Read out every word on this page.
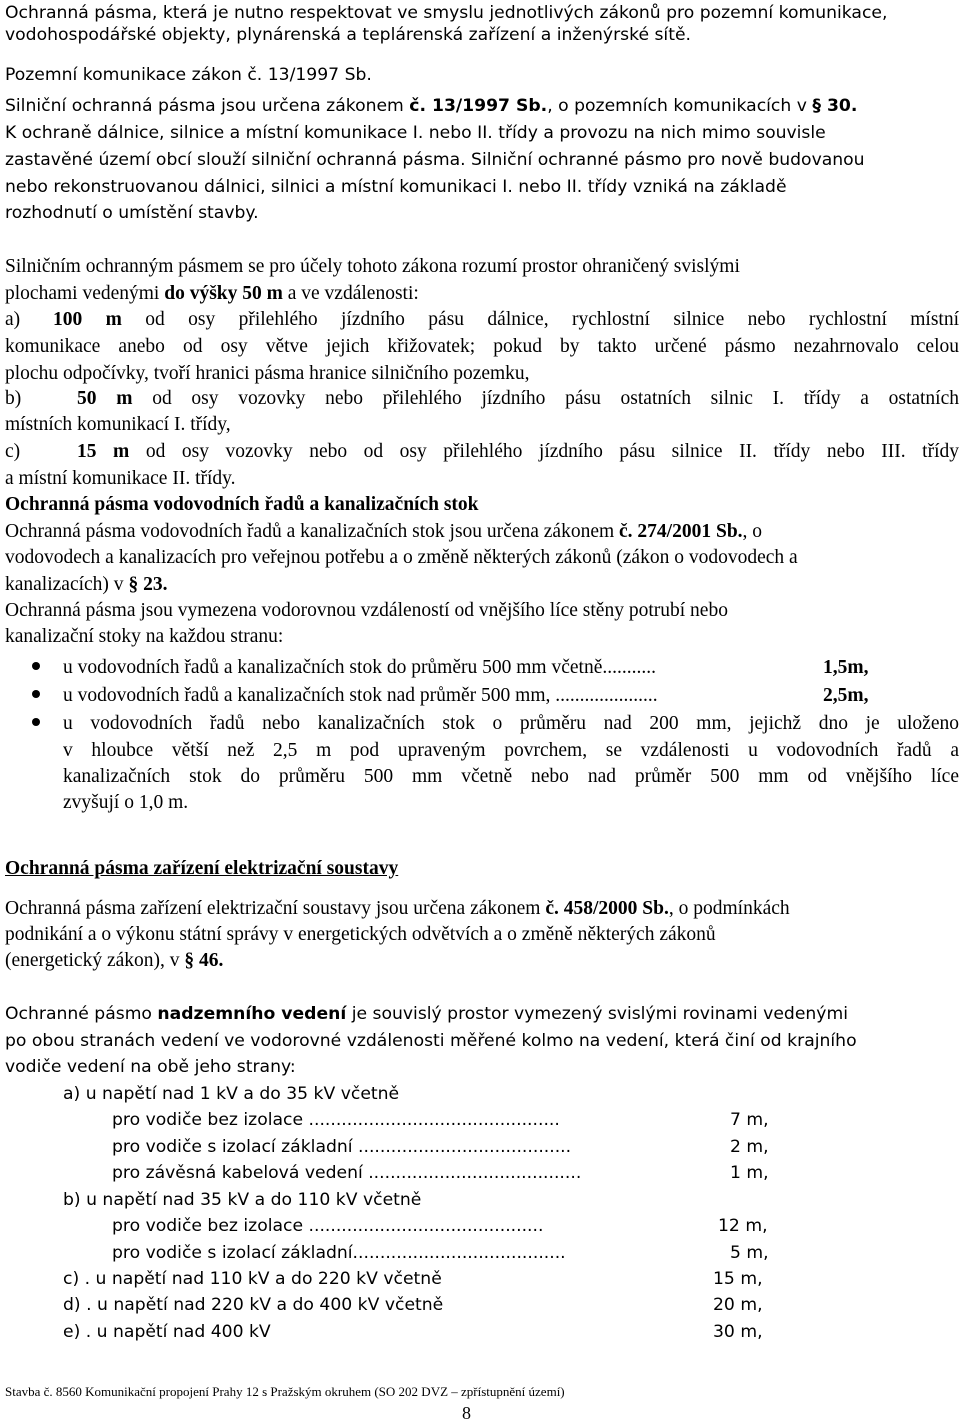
Ochranná pásma, která je nutno respektovat ve smyslu jednotlivých zákonů pro pozemní komunikace,
vodohospodářské objekty, plynárenská a teplárenská zařízení a inženýrské sítě.
Pozemní komunikace zákon č. 13/1997 Sb.
Silniční ochranná pásma jsou určena zákonem č. 13/1997 Sb., o pozemních komunikacích v § 30.
K ochraně dálnice, silnice a místní komunikace I. nebo II. třídy a provozu na nich mimo souvisle
zastavěné území obcí slouží silniční ochranná pásma. Silniční ochranné pásmo pro nově budovanou
nebo rekonstruovanou dálnici, silnici a místní komunikaci I. nebo II. třídy vzniká na základě
rozhodnutí o umístění stavby.
Silničním ochranným pásmem se pro účely tohoto zákona rozumí prostor ohraničený svislými
plochami vedenými do výšky 50 m a ve vzdálenosti:
a) 100 m od osy přilehlého jízdního pásu dálnice, rychlostní silnice nebo rychlostní místní
komunikace anebo od osy větve jejich křižovatek; pokud by takto určené pásmo nezahrnovalo celou
plochu odpočívky, tvoří hranici pásma hranice silničního pozemku,
b)	50 m od osy vozovky nebo přilehlého jízdního pásu ostatních silnic I. třídy a ostatních
místních komunikací I. třídy,
c)	15 m od osy vozovky nebo od osy přilehlého jízdního pásu silnice II. třídy nebo III. třídy
a místní komunikace II. třídy.
Ochranná pásma vodovodních řadů a kanalizačních stok
Ochranná pásma vodovodních řadů a kanalizačních stok jsou určena zákonem č. 274/2001 Sb., o
vodovodech a kanalizacích pro veřejnou potřebu a o změně některých zákonů (zákon o vodovodech a
kanalizacích) v § 23.
Ochranná pásma jsou vymezena vodorovnou vzdáleností od vnějšího líce stěny potrubí nebo
kanalizační stoky na každou stranu:
u vodovodních řadů a kanalizačních stok do průměru 500 mm včetně...........	1,5m,
u vodovodních řadů a kanalizačních stok nad průměr 500 mm, .....................	2,5m,
u vodovodních řadů nebo kanalizačních stok o průměru nad 200 mm, jejichž dno je uloženo
v hloubce větší než 2,5 m pod upraveným povrchem, se vzdálenosti u vodovodních řadů a
kanalizačních stok do průměru 500 mm včetně nebo nad průměr 500 mm od vnějšího líce
zvyšují o 1,0 m.
Ochranná pásma zařízení elektrizační soustavy
Ochranná pásma zařízení elektrizační soustavy jsou určena zákonem č. 458/2000 Sb., o podmínkách
podnikání a o výkonu státní správy v energetických odvětvích a o změně některých zákonů
(energetický zákon), v § 46.
Ochranné pásmo nadzemního vedení je souvislý prostor vymezený svislými rovinami vedenými
po obou stranách vedení ve vodorovné vzdálenosti měřené kolmo na vedení, která činí od krajního
vodiče vedení na obě jeho strany:
a) u napětí nad 1 kV a do 35 kV včetně
pro vodiče bez izolace ..............................................	7 m,
pro vodiče s izolací základní .......................................	2 m,
pro závěsná kabelová vedení .......................................	1 m,
b) u napětí nad 35 kV a do 110 kV včetně
pro vodiče bez izolace ...........................................	12 m,
pro vodiče s izolací základní.......................................	5 m,
c) . u napětí nad 110 kV a do 220 kV včetně	15 m,
d) . u napětí nad 220 kV a do 400 kV včetně	20 m,
e) . u napětí nad 400 kV	30 m,
Stavba č. 8560 Komunikační propojení Prahy 12 s Pražským okruhem (SO 202 DVZ – zpřístupnění území)
8
